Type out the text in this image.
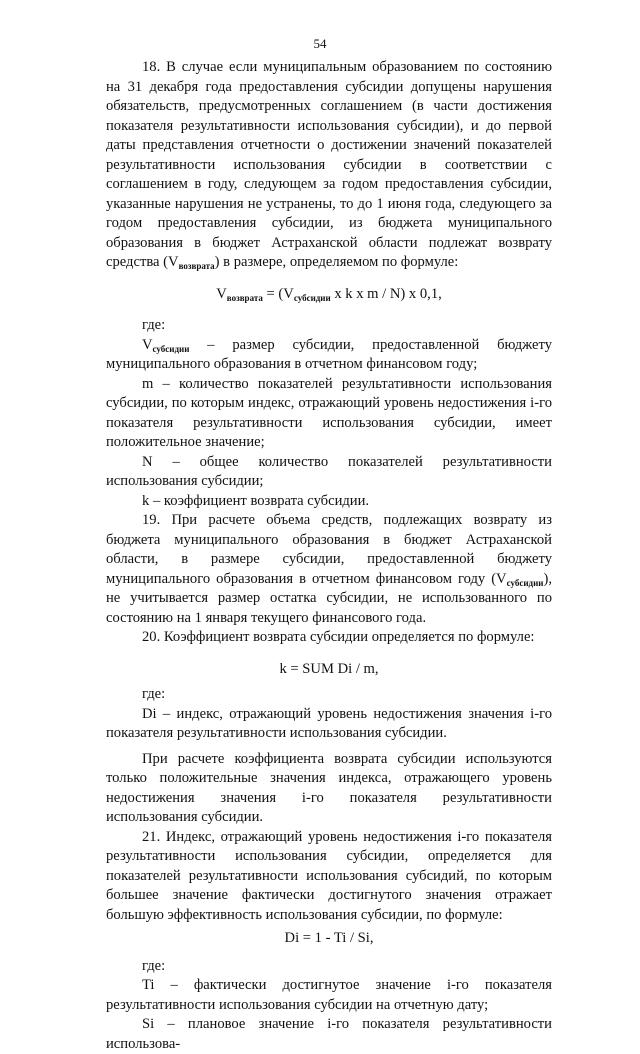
54

18. В случае если муниципальным образованием по состоянию на 31 декабря года предоставления субсидии допущены нарушения обязательств, предусмотренных соглашением (в части достижения показателя результативности использования субсидии), и до первой даты представления отчетности о достижении значений показателей результативности использования субсидии в соответствии с соглашением в году, следующем за годом предоставления субсидии, указанные нарушения не устранены, то до 1 июня года, следующего за годом предоставления субсидии, из бюджета муниципального образования в бюджет Астраханской области подлежат возврату средства $(V_{возврата})$ в размере, определяемом по формуле:

$V_{возврата} = (V_{субсидии}$ x k x m / N) x 0,1,

где:

$V_{субсидии}$ – размер субсидии, предоставленной бюджету муниципального образования в отчетном финансовом году;

m – количество показателей результативности использования субсидии, по которым индекс, отражающий уровень недостижения i-го показателя результативности использования субсидии, имеет положительное значение;

N – общее количество показателей результативности использования субсидии;

k – коэффициент возврата субсидии.

19. При расчете объема средств, подлежащих возврату из бюджета муниципального образования в бюджет Астраханской области, в размере субсидии, предоставленной бюджету муниципального образования в отчетном финансовом году $(V_{субсидии})$, не учитывается размер остатка субсидии, не использованного по состоянию на 1 января текущего финансового года.

20. Коэффициент возврата субсидии определяется по формуле:

k = SUM Di / m,

где:

Di – индекс, отражающий уровень недостижения значения i-го показателя результативности использования субсидии.

При расчете коэффициента возврата субсидии используются только положительные значения индекса, отражающего уровень недостижения значения i-го показателя результативности использования субсидии.

21. Индекс, отражающий уровень недостижения i-го показателя результативности использования субсидии, определяется для показателей результативности использования субсидий, по которым большее значение фактически достигнутого значения отражает большую эффективность использования субсидии, по формуле:

Di = 1 - Ti / Si,

где:

Ti – фактически достигнутое значение i-го показателя результативности использования субсидии на отчетную дату;

Si – плановое значение i-го показателя результативности использова-
